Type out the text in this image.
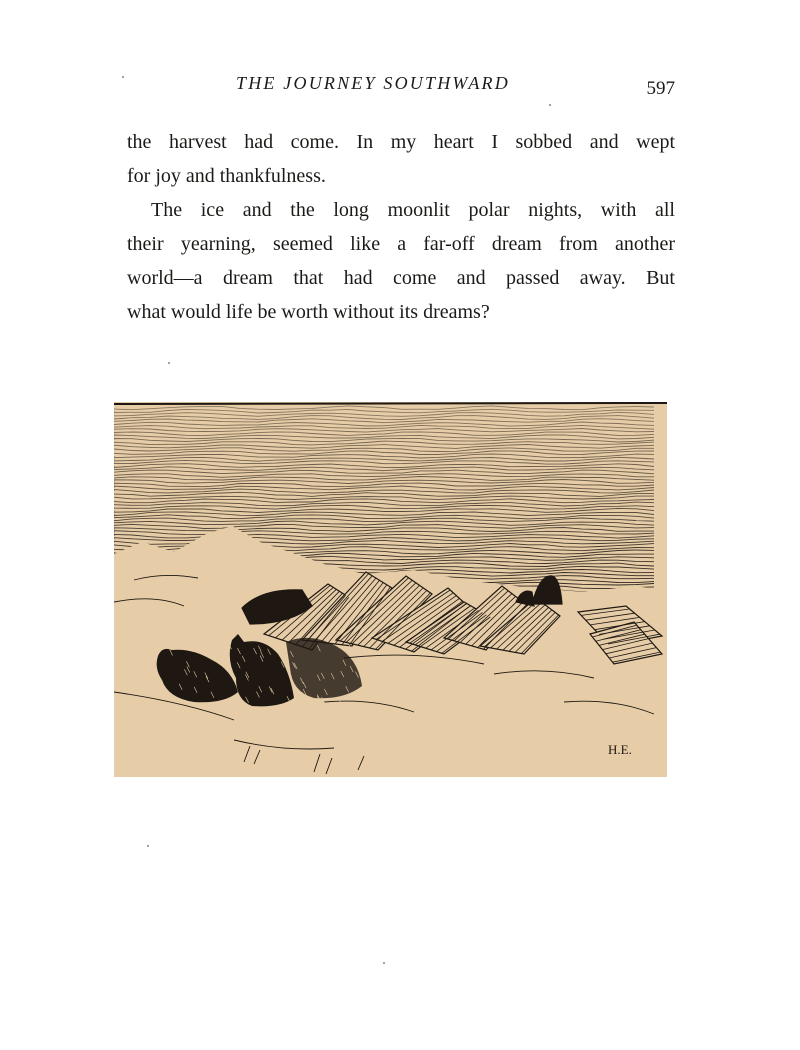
THE JOURNEY SOUTHWARD	597
the harvest had come. In my heart I sobbed and wept
for joy and thankfulness.
The ice and the long moonlit polar nights, with all
their yearning, seemed like a far-off dream from another
world—a dream that had come and passed away. But
what would life be worth without its dreams?
H.E.
